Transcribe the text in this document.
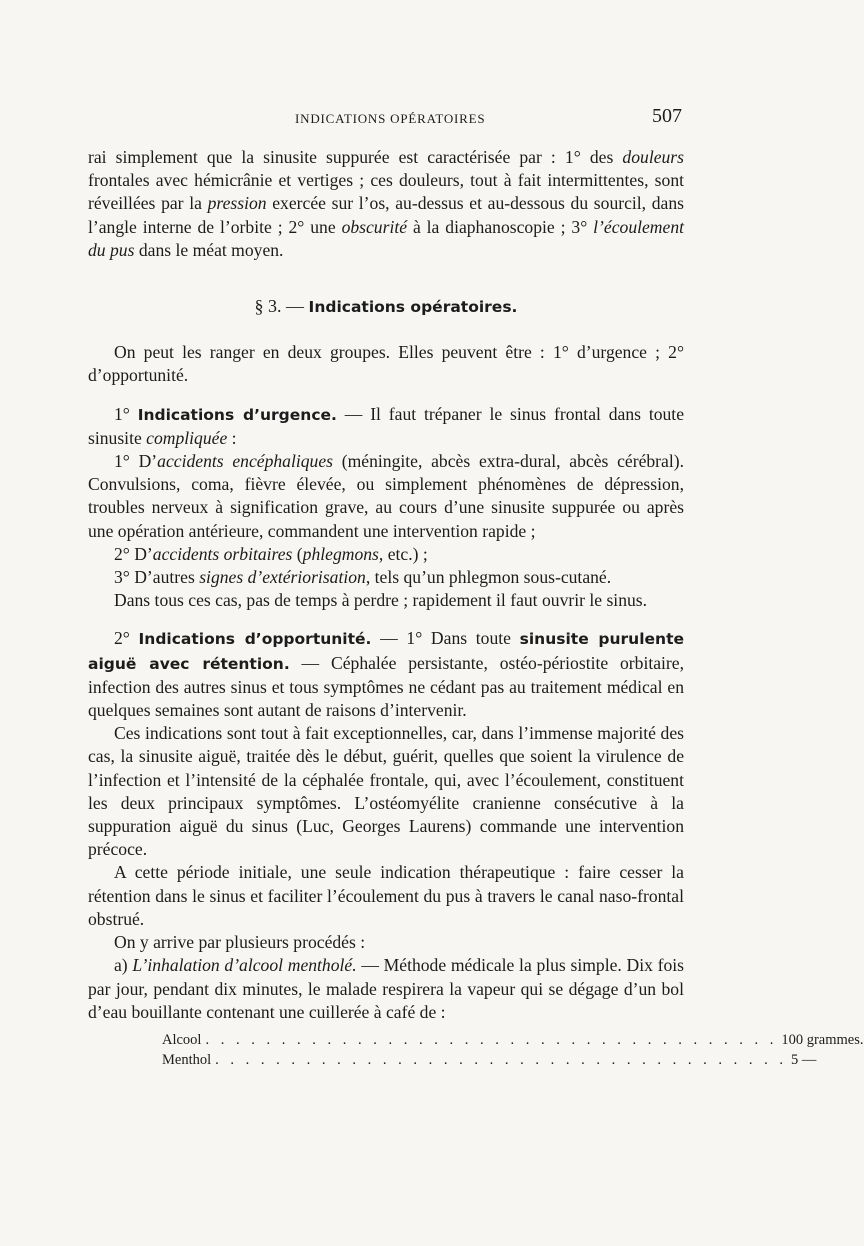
INDICATIONS OPÉRATOIRES	507

rai simplement que la sinusite suppurée est caractérisée par : 1° des douleurs frontales avec hémicrânie et vertiges ; ces douleurs, tout à fait intermittentes, sont réveillées par la pression exercée sur l’os, au-dessus et au-dessous du sourcil, dans l’angle interne de l’orbite ; 2° une obscurité à la diaphanoscopie ; 3° l’écoulement du pus dans le méat moyen.

§ 3. — Indications opératoires.

On peut les ranger en deux groupes. Elles peuvent être : 1° d’urgence ; 2° d’opportunité.

1° Indications d’urgence. — Il faut trépaner le sinus frontal dans toute sinusite compliquée :

1° D’accidents encéphaliques (méningite, abcès extra-dural, abcès cérébral). Convulsions, coma, fièvre élevée, ou simplement phénomènes de dépression, troubles nerveux à signification grave, au cours d’une sinusite suppurée ou après une opération antérieure, commandent une intervention rapide ;

2° D’accidents orbitaires (phlegmons, etc.) ;

3° D’autres signes d’extériorisation, tels qu’un phlegmon sous-cutané.

Dans tous ces cas, pas de temps à perdre ; rapidement il faut ouvrir le sinus.

2° Indications d’opportunité. — 1° Dans toute sinusite purulente aiguë avec rétention. — Céphalée persistante, ostéo-périostite orbitaire, infection des autres sinus et tous symptômes ne cédant pas au traitement médical en quelques semaines sont autant de raisons d’intervenir.

Ces indications sont tout à fait exceptionnelles, car, dans l’immense majorité des cas, la sinusite aiguë, traitée dès le début, guérit, quelles que soient la virulence de l’infection et l’intensité de la céphalée frontale, qui, avec l’écoulement, constituent les deux principaux symptômes. L’ostéomyélite cranienne consécutive à la suppuration aiguë du sinus (Luc, Georges Laurens) commande une intervention précoce.

A cette période initiale, une seule indication thérapeutique : faire cesser la rétention dans le sinus et faciliter l’écoulement du pus à travers le canal naso-frontal obstrué.

On y arrive par plusieurs procédés :

a) L’inhalation d’alcool mentholé. — Méthode médicale la plus simple. Dix fois par jour, pendant dix minutes, le malade respirera la vapeur qui se dégage d’un bol d’eau bouillante contenant une cuillerée à café de :

Alcool . . . . . . . . . . . . . . . . . . . . . . . . . . . . . . . . . . . . . . 100 grammes.
Menthol . . . . . . . . . . . . . . . . . . . . . . . . . . . . . . . . . . . . . . 5 —
